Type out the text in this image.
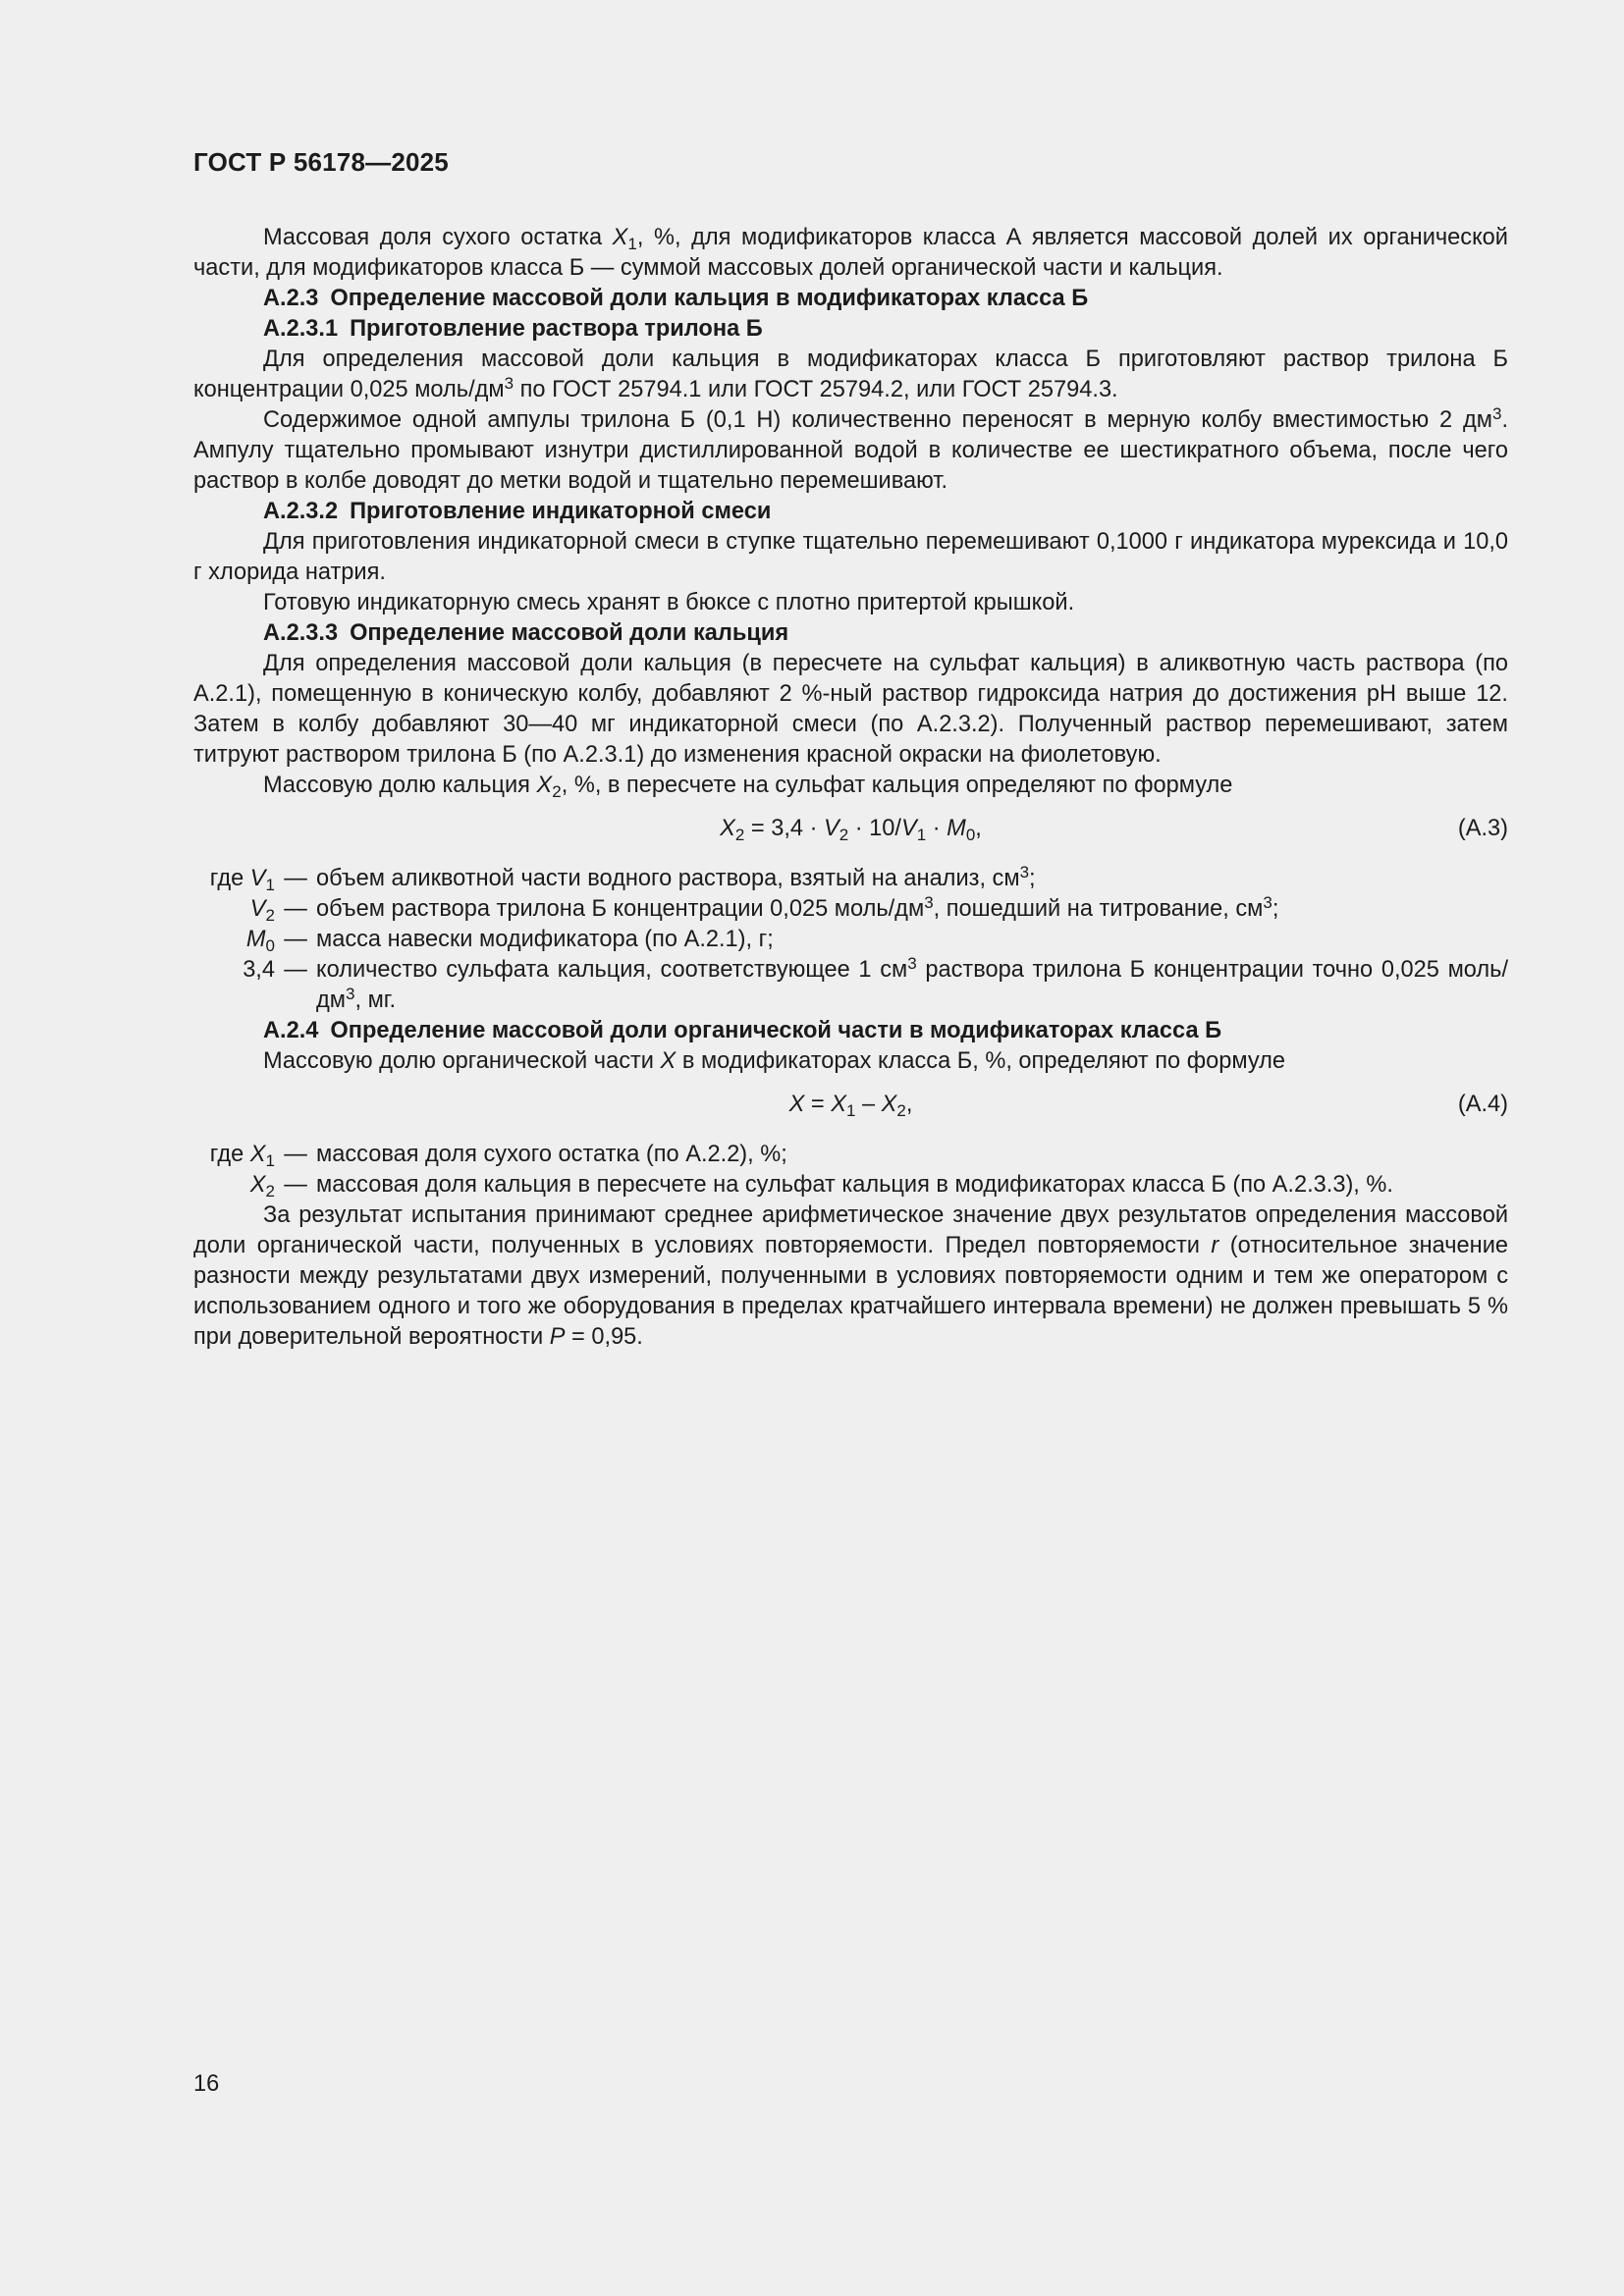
ГОСТ Р 56178—2025

Массовая доля сухого остатка $X_1$, %, для модификаторов класса А является массовой долей их органической части, для модификаторов класса Б — суммой массовых долей органической части и кальция.

А.2.3 Определение массовой доли кальция в модификаторах класса Б

А.2.3.1 Приготовление раствора трилона Б

Для определения массовой доли кальция в модификаторах класса Б приготовляют раствор трилона Б концентрации 0,025 моль/$дм^3$ по ГОСТ 25794.1 или ГОСТ 25794.2, или ГОСТ 25794.3.

Содержимое одной ампулы трилона Б (0,1 Н) количественно переносят в мерную колбу вместимостью 2 $дм^3$. Ампулу тщательно промывают изнутри дистиллированной водой в количестве ее шестикратного объема, после чего раствор в колбе доводят до метки водой и тщательно перемешивают.

А.2.3.2 Приготовление индикаторной смеси

Для приготовления индикаторной смеси в ступке тщательно перемешивают 0,1000 г индикатора мурексида и 10,0 г хлорида натрия.

Готовую индикаторную смесь хранят в бюксе с плотно притертой крышкой.

А.2.3.3 Определение массовой доли кальция

Для определения массовой доли кальция (в пересчете на сульфат кальция) в аликвотную часть раствора (по А.2.1), помещенную в коническую колбу, добавляют 2 %-ный раствор гидроксида натрия до достижения pH выше 12. Затем в колбу добавляют 30—40 мг индикаторной смеси (по А.2.3.2). Полученный раствор перемешивают, затем титруют раствором трилона Б (по А.2.3.1) до изменения красной окраски на фиолетовую.

Массовую долю кальция $X_2$, %, в пересчете на сульфат кальция определяют по формуле

$X_2 = 3,4 \cdot V_2 \cdot 10/V_1 \cdot M_0$,	(А.3)
где $V_1$ — объем аликвотной части водного раствора, взятый на анализ, $см^3$;
$V_2$ — объем раствора трилона Б концентрации 0,025 моль/$дм^3$, пошедший на титрование, $см^3$;
$M_0$ — масса навески модификатора (по А.2.1), г;
3,4 — количество сульфата кальция, соответствующее 1 $см^3$ раствора трилона Б концентрации точно 0,025 моль/$дм^3$, мг.

А.2.4 Определение массовой доли органической части в модификаторах класса Б

Массовую долю органической части X в модификаторах класса Б, %, определяют по формуле

$X = X_1 - X_2$,	(А.4)
где $X_1$ — массовая доля сухого остатка (по А.2.2), %;
$X_2$ — массовая доля кальция в пересчете на сульфат кальция в модификаторах класса Б (по А.2.3.3), %.

За результат испытания принимают среднее арифметическое значение двух результатов определения массовой доли органической части, полученных в условиях повторяемости. Предел повторяемости r (относительное значение разности между результатами двух измерений, полученными в условиях повторяемости одним и тем же оператором с использованием одного и того же оборудования в пределах кратчайшего интервала времени) не должен превышать 5 % при доверительной вероятности P = 0,95.

16
